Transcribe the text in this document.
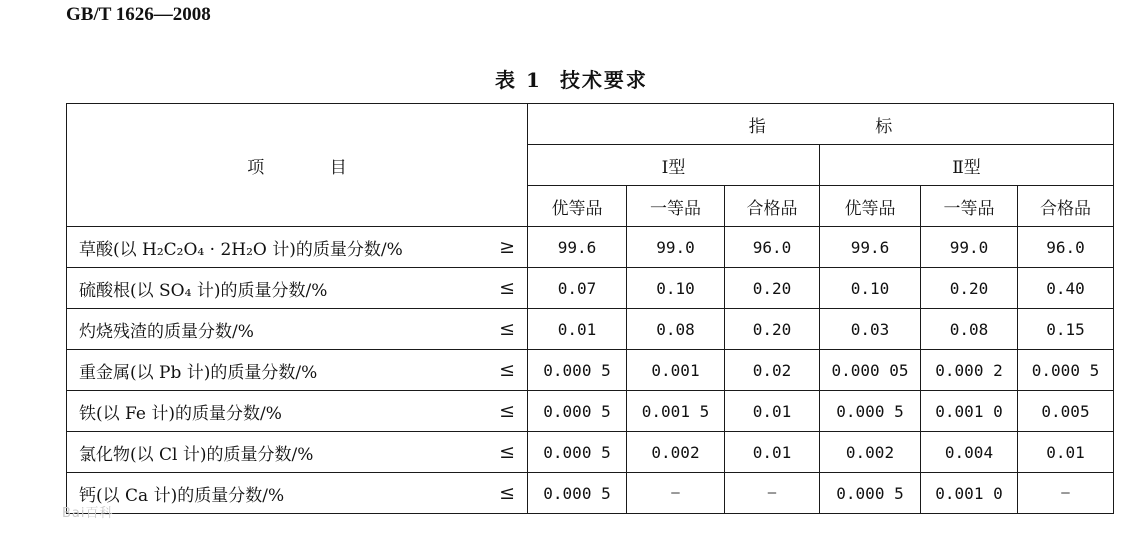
GB/T 1626—2008
表 1 技术要求
项 目	指 标					
	Ⅰ型			Ⅱ型		
	优等品	一等品	合格品	优等品	一等品	合格品
草酸(以 H₂C₂O₄ · 2H₂O 计)的质量分数/% ≥	99.6	99.0	96.0	99.6	99.0	96.0
硫酸根(以 SO₄ 计)的质量分数/% ≤	0.07	0.10	0.20	0.10	0.20	0.40
灼烧残渣的质量分数/% ≤	0.01	0.08	0.20	0.03	0.08	0.15
重金属(以 Pb 计)的质量分数/% ≤	0.000 5	0.001	0.02	0.000 05	0.000 2	0.000 5
铁(以 Fe 计)的质量分数/% ≤	0.000 5	0.001 5	0.01	0.000 5	0.001 0	0.005
氯化物(以 Cl 计)的质量分数/% ≤	0.000 5	0.002	0.01	0.002	0.004	0.01
钙(以 Ca 计)的质量分数/% ≤	0.000 5	—	—	0.000 5	0.001 0	—
Bai百科
